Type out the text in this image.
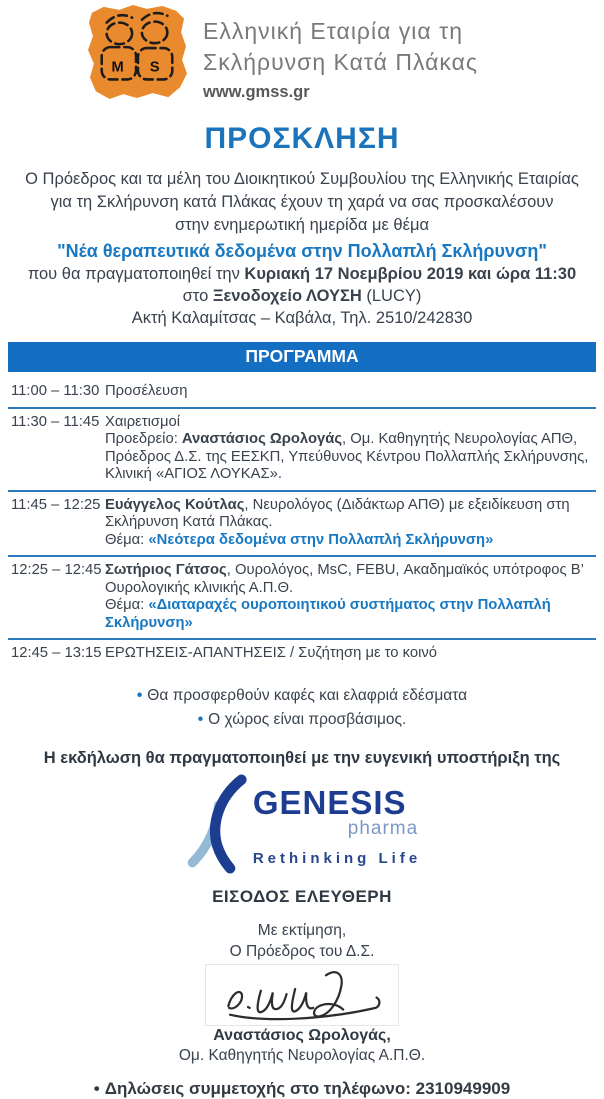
M S
Ελληνική Εταιρία για τη
Σκλήρυνση Κατά Πλάκας
www.gmss.gr
ΠΡΟΣΚΛΗΣΗ
Ο Πρόεδρος και τα μέλη του Διοικητικού Συμβουλίου της Ελληνικής Εταιρίας
για τη Σκλήρυνση κατά Πλάκας έχουν τη χαρά να σας προσκαλέσουν
στην ενημερωτική ημερίδα με θέμα
"Νέα θεραπευτικά δεδομένα στην Πολλαπλή Σκλήρυνση"
που θα πραγματοποιηθεί την Κυριακή 17 Νοεμβρίου 2019 και ώρα 11:30
στο Ξενοδοχείο ΛΟΥΣΗ (LUCY)
Ακτή Καλαμίτσας – Καβάλα, Τηλ. 2510/242830
ΠΡΟΓΡΑΜΜΑ
11:00 – 11:30 Προσέλευση
11:30 – 11:45 Χαιρετισμοί
Προεδρείο: Αναστάσιος Ωρολογάς, Ομ. Καθηγητής Νευρολογίας ΑΠΘ, Πρόεδρος Δ.Σ. της ΕΕΣΚΠ, Υπεύθυνος Κέντρου Πολλαπλής Σκλήρυνσης, Κλινική «ΑΓΙΟΣ ΛΟΥΚΑΣ».
11:45 – 12:25 Ευάγγελος Κούτλας, Νευρολόγος (Διδάκτωρ ΑΠΘ) με εξειδίκευση στη Σκλήρυνση Κατά Πλάκας.
Θέμα: «Νεότερα δεδομένα στην Πολλαπλή Σκλήρυνση»
12:25 – 12:45 Σωτήριος Γάτσος, Ουρολόγος, MsC, FEBU, Ακαδημαϊκός υπότροφος Β’ Ουρολογικής κλινικής Α.Π.Θ.
Θέμα: «Διαταραχές ουροποιητικού συστήματος στην Πολλαπλή Σκλήρυνση»
12:45 – 13:15 ΕΡΩΤΗΣΕΙΣ-ΑΠΑΝΤΗΣΕΙΣ / Συζήτηση με το κοινό
• Θα προσφερθούν καφές και ελαφριά εδέσματα
• Ο χώρος είναι προσβάσιμος.
Η εκδήλωση θα πραγματοποιηθεί με την ευγενική υποστήριξη της
GENESIS
pharma
Rethinking Life
ΕΙΣΟΔΟΣ ΕΛΕΥΘΕΡΗ
Με εκτίμηση,
Ο Πρόεδρος του Δ.Σ.
Αναστάσιος Ωρολογάς,
Ομ. Καθηγητής Νευρολογίας Α.Π.Θ.
• Δηλώσεις συμμετοχής στο τηλέφωνο: 2310949909
